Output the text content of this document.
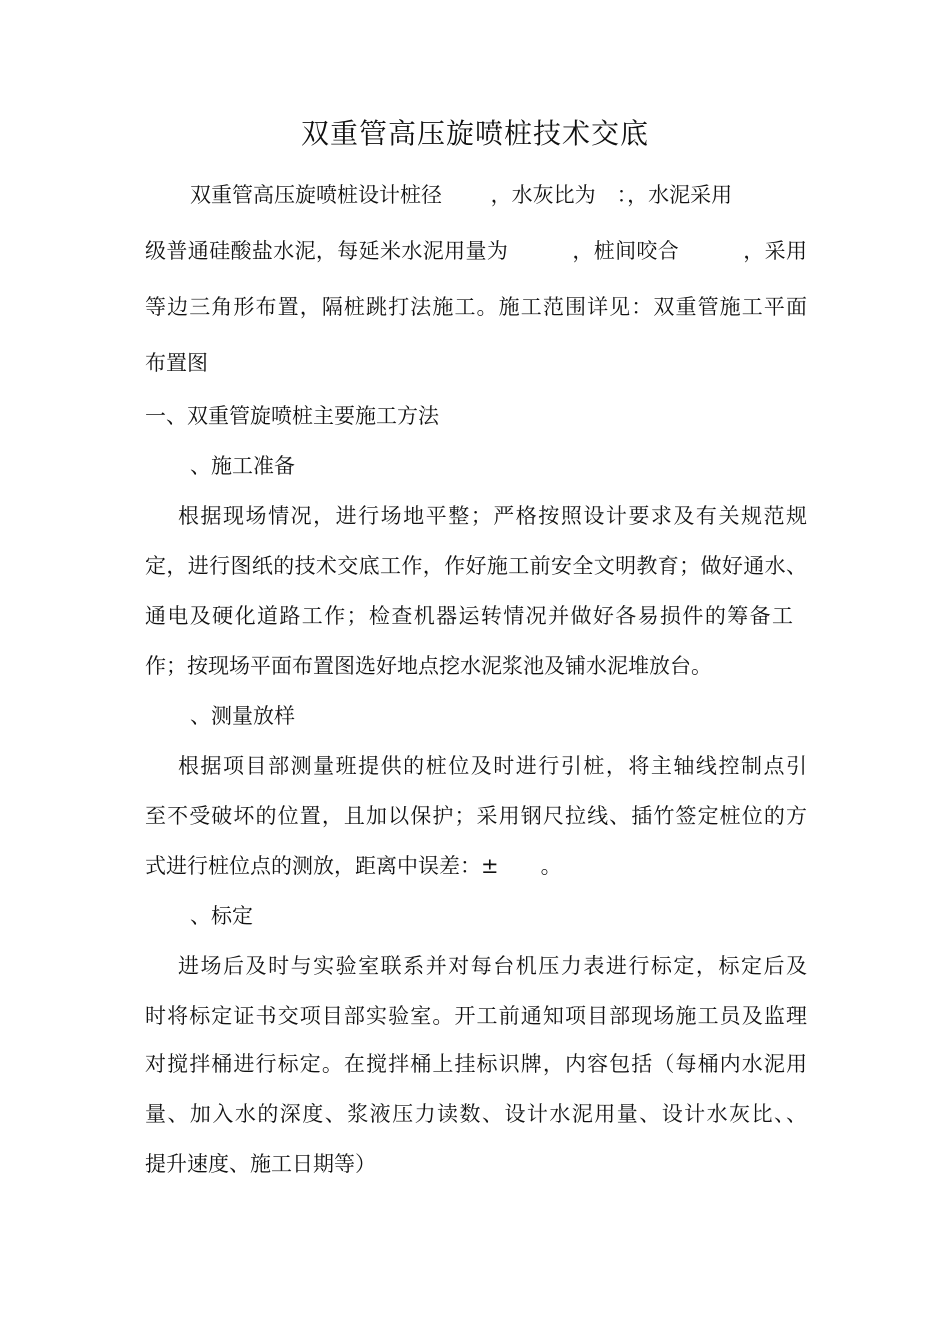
双重管高压旋喷桩技术交底
双重管高压旋喷桩设计桩径　　 ，水灰比为　：，水泥采用
级普通硅酸盐水泥，每延米水泥用量为　　　，桩间咬合　　　，采用
等边三角形布置，隔桩跳打法施工。施工范围详见：双重管施工平面
布置图
一、双重管旋喷桩主要施工方法
、施工准备
根据现场情况，进行场地平整；严格按照设计要求及有关规范规
定，进行图纸的技术交底工作，作好施工前安全文明教育；做好通水、
通电及硬化道路工作；检查机器运转情况并做好各易损件的筹备工
作；按现场平面布置图选好地点挖水泥浆池及铺水泥堆放台。
、测量放样
根据项目部测量班提供的桩位及时进行引桩，将主轴线控制点引
至不受破坏的位置，且加以保护；采用钢尺拉线、插竹签定桩位的方
式进行桩位点的测放，距离中误差：±　　。
、标定
进场后及时与实验室联系并对每台机压力表进行标定，标定后及
时将标定证书交项目部实验室。开工前通知项目部现场施工员及监理
对搅拌桶进行标定。在搅拌桶上挂标识牌，内容包括（每桶内水泥用
量、加入水的深度、浆液压力读数、设计水泥用量、设计水灰比、、
提升速度、施工日期等）
